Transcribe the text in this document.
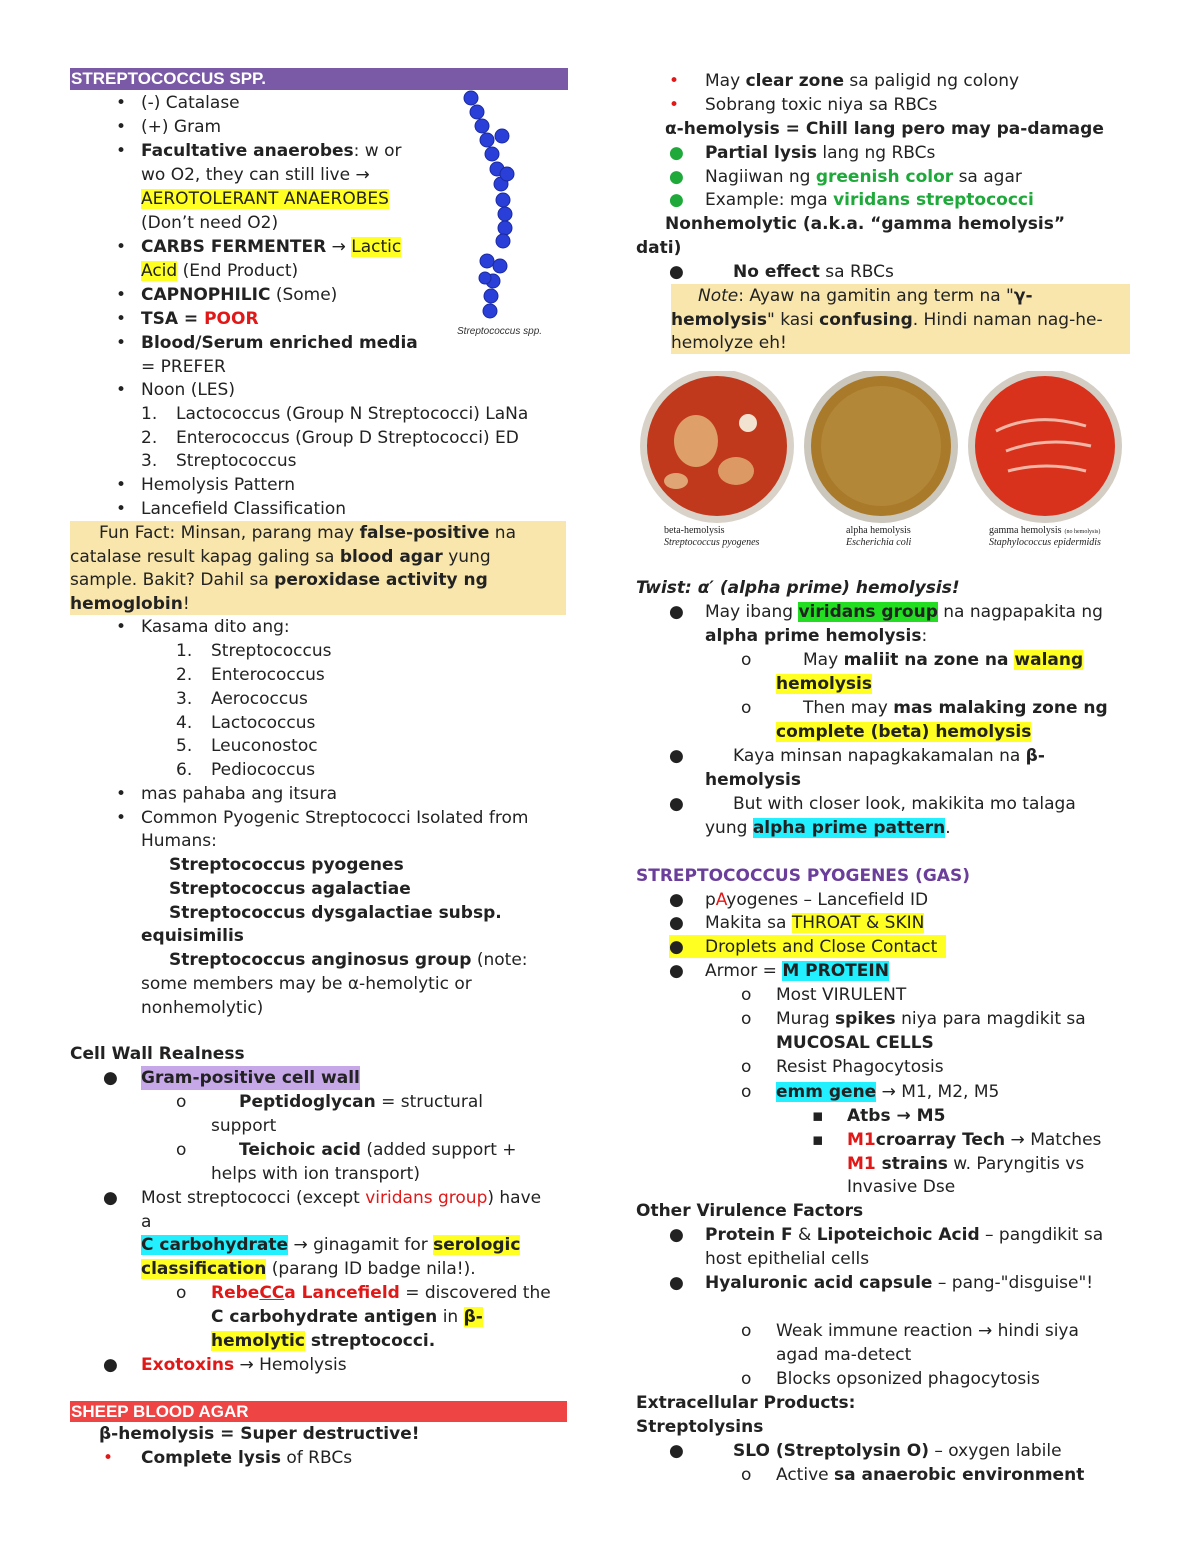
STREPTOCOCCUS SPP.
Streptococcus spp.
• (-) Catalase
• (+) Gram
• Facultative anaerobes: w or
wo O2, they can still live →
AEROTOLERANT ANAEROBES
(Don’t need O2)
• CARBS FERMENTER → Lactic
Acid (End Product)
• CAPNOPHILIC (Some)
• TSA = POOR
• Blood/Serum enriched media
= PREFER
• Noon (LES)
1. Lactococcus (Group N Streptococci) LaNa
2. Enterococcus (Group D Streptococci) ED
3. Streptococcus
• Hemolysis Pattern
• Lancefield Classification
Fun Fact: Minsan, parang may false-positive na
catalase result kapag galing sa blood agar yung
sample. Bakit? Dahil sa peroxidase activity ng
hemoglobin!
• Kasama dito ang:
1. Streptococcus
2. Enterococcus
3. Aerococcus
4. Lactococcus
5. Leuconostoc
6. Pediococcus
• mas pahaba ang itsura
• Common Pyogenic Streptococci Isolated from
Humans:
Streptococcus pyogenes
Streptococcus agalactiae
Streptococcus dysgalactiae subsp.
equisimilis
Streptococcus anginosus group (note:
some members may be α-hemolytic or
nonhemolytic)
Cell Wall Realness
● Gram-positive cell wall
o	Peptidoglycan = structural
support
o	Teichoic acid (added support +
helps with ion transport)
● Most streptococci (except viridans group) have
a
C carbohydrate → ginagamit for serologic
classification (parang ID badge nila!).
o RebeCCa Lancefield = discovered the
C carbohydrate antigen in β-
hemolytic streptococci.
● Exotoxins → Hemolysis
SHEEP BLOOD AGAR
β-hemolysis = Super destructive!
• Complete lysis of RBCs
• May clear zone sa paligid ng colony
• Sobrang toxic niya sa RBCs
α-hemolysis = Chill lang pero may pa-damage
● Partial lysis lang ng RBCs
● Nagiiwan ng greenish color sa agar
● Example: mga viridans streptococci
Nonhemolytic (a.k.a. “gamma hemolysis”
dati)
●	No effect sa RBCs
Note: Ayaw na gamitin ang term na "γ-
hemolysis" kasi confusing. Hindi naman nag-he-
hemolyze eh!
beta-hemolysis
Streptococcus pyogenes
alpha hemolysis
Escherichia coli
gamma hemolysis (no hemolysis)
Staphylococcus epidermidis
Twist: α′ (alpha prime) hemolysis!
● May ibang viridans group na nagpapakita ng
alpha prime hemolysis:
o	May maliit na zone na walang
hemolysis
o	Then may mas malaking zone ng
complete (beta) hemolysis
●	Kaya minsan napagkakamalan na β-
hemolysis
●	But with closer look, makikita mo talaga
yung alpha prime pattern.
STREPTOCOCCUS PYOGENES (GAS)
● pAyogenes – Lancefield ID
● Makita sa THROAT & SKIN
● Droplets and Close Contact
● Armor = M PROTEIN
o Most VIRULENT
o Murag spikes niya para magdikit sa
MUCOSAL CELLS
o Resist Phagocytosis
o emm gene → M1, M2, M5
▪ Atbs → M5
▪ M1croarray Tech → Matches
M1 strains w. Paryngitis vs
Invasive Dse
Other Virulence Factors
● Protein F & Lipoteichoic Acid – pangdikit sa
host epithelial cells
● Hyaluronic acid capsule – pang-"disguise"!
o Weak immune reaction → hindi siya
agad ma-detect
o Blocks opsonized phagocytosis
Extracellular Products:
Streptolysins
●	SLO (Streptolysin O) – oxygen labile
o Active sa anaerobic environment
